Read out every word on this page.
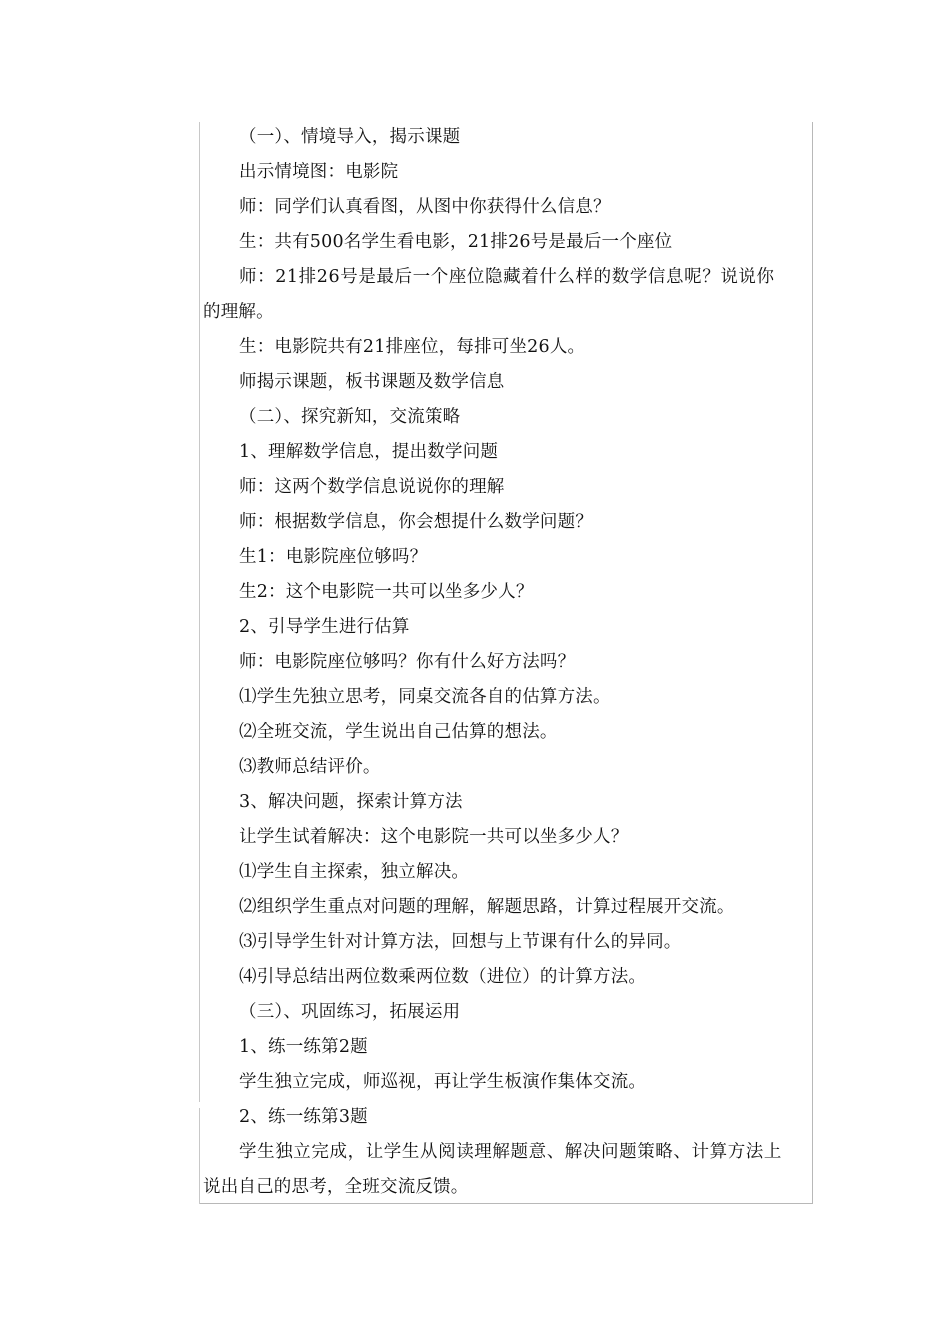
（一）、情境导入，揭示课题
出示情境图：电影院
师：同学们认真看图，从图中你获得什么信息？
生：共有500名学生看电影，21排26号是最后一个座位
师：21排26号是最后一个座位隐藏着什么样的数学信息呢？说说你
的理解。
生：电影院共有21排座位，每排可坐26人。
师揭示课题，板书课题及数学信息
（二）、探究新知，交流策略
1、理解数学信息，提出数学问题
师：这两个数学信息说说你的理解
师：根据数学信息，你会想提什么数学问题？
生1：电影院座位够吗？
生2：这个电影院一共可以坐多少人？
2、引导学生进行估算
师：电影院座位够吗？你有什么好方法吗？
⑴学生先独立思考，同桌交流各自的估算方法。
⑵全班交流，学生说出自己估算的想法。
⑶教师总结评价。
3、解决问题，探索计算方法
让学生试着解决：这个电影院一共可以坐多少人？
⑴学生自主探索，独立解决。
⑵组织学生重点对问题的理解，解题思路，计算过程展开交流。
⑶引导学生针对计算方法，回想与上节课有什么的异同。
⑷引导总结出两位数乘两位数（进位）的计算方法。
（三）、巩固练习，拓展运用
1、练一练第2题
学生独立完成，师巡视，再让学生板演作集体交流。
2、练一练第3题
学生独立完成，让学生从阅读理解题意、解决问题策略、计算方法上
说出自己的思考，全班交流反馈。
